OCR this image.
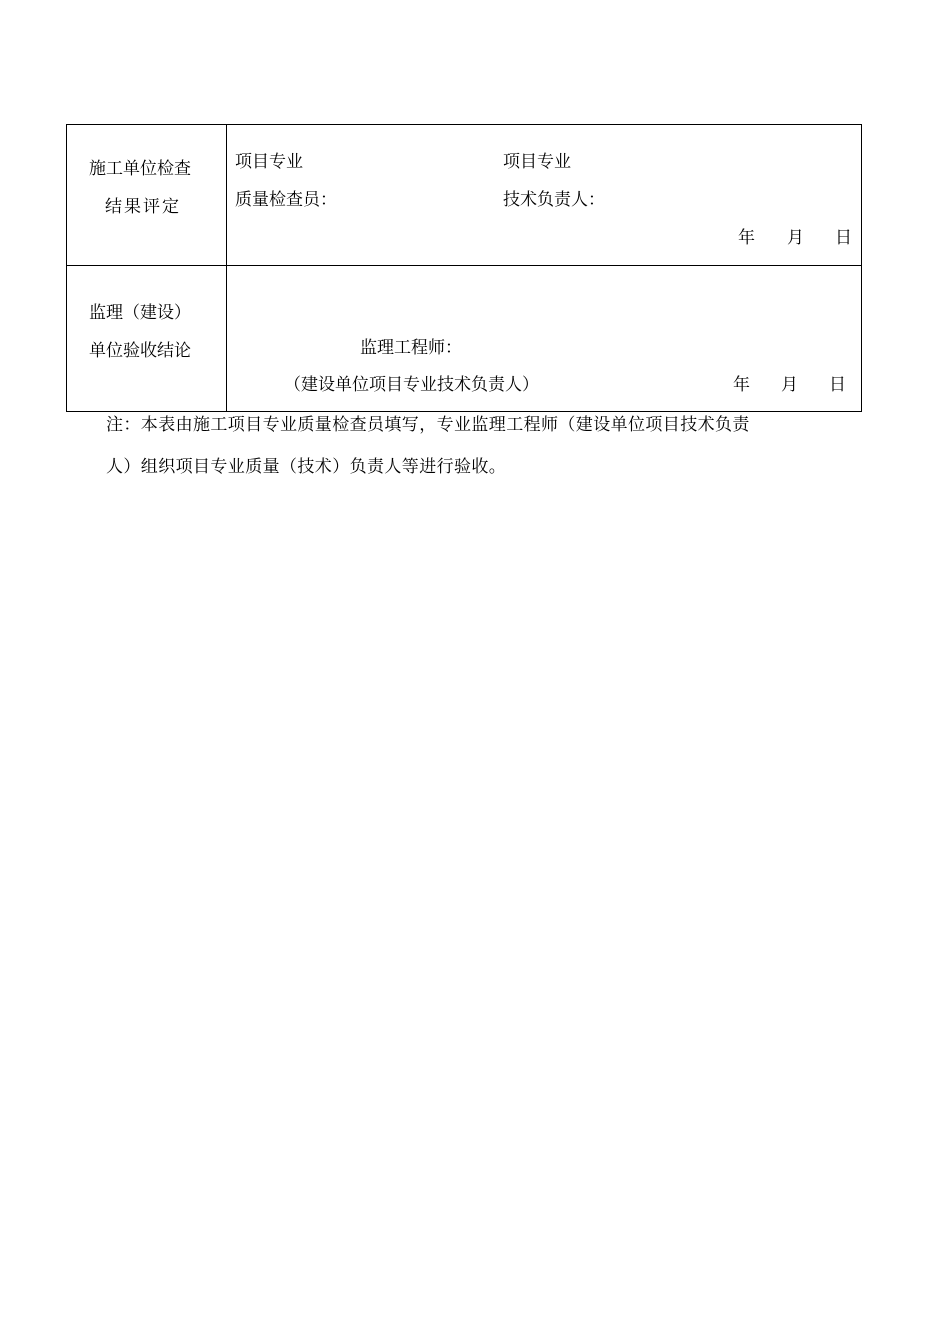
施工单位检查
结果评定
项目专业
质量检查员：
项目专业
技术负责人：
年 月 日
监理（建设）
单位验收结论	监理工程师：
（建设单位项目专业技术负责人）	年 月 日
注：本表由施工项目专业质量检查员填写，专业监理工程师（建设单位项目技术负责
人）组织项目专业质量（技术）负责人等进行验收。
